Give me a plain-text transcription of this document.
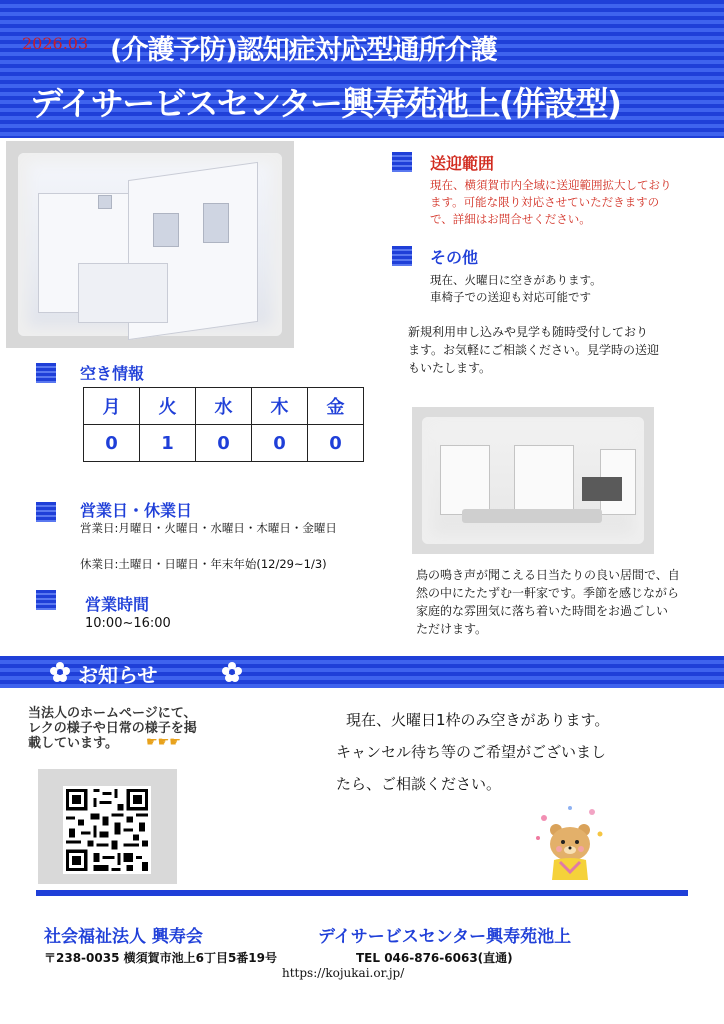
2026.03 (介護予防)認知症対応型通所介護
デイサービスセンター興寿苑池上(併設型)
送迎範囲
現在、横須賀市内全域に送迎範囲拡大しており
ます。可能な限り対応させていただきますの
で、詳細はお問合せください。
その他
現在、火曜日に空きがあります。
車椅子での送迎も対応可能です
新規利用申し込みや見学も随時受付しており
ます。お気軽にご相談ください。見学時の送迎
もいたします。
空き情報
月	火	水	木	金
0	1	0	0	0
営業日・休業日
営業日:月曜日・火曜日・水曜日・木曜日・金曜日
休業日:土曜日・日曜日・年末年始(12/29~1/3)
鳥の鳴き声が聞こえる日当たりの良い居間で、自
然の中にたたずむ一軒家です。季節を感じながら
家庭的な雰囲気に落ち着いた時間をお過ごしい
ただけます。
営業時間
10:00~16:00
お知らせ
当法人のホームページにて、
レクの様子や日常の様子を掲
載しています。 ☛☛☛
現在、火曜日1枠のみ空きがあります。
キャンセル待ち等のご希望がございまし
たら、ご相談ください。
社会福祉法人 興寿会	デイサービスセンター興寿苑池上
〒238-0035 横須賀市池上6丁目5番19号	TEL 046-876-6063(直通)
https://kojukai.or.jp/
